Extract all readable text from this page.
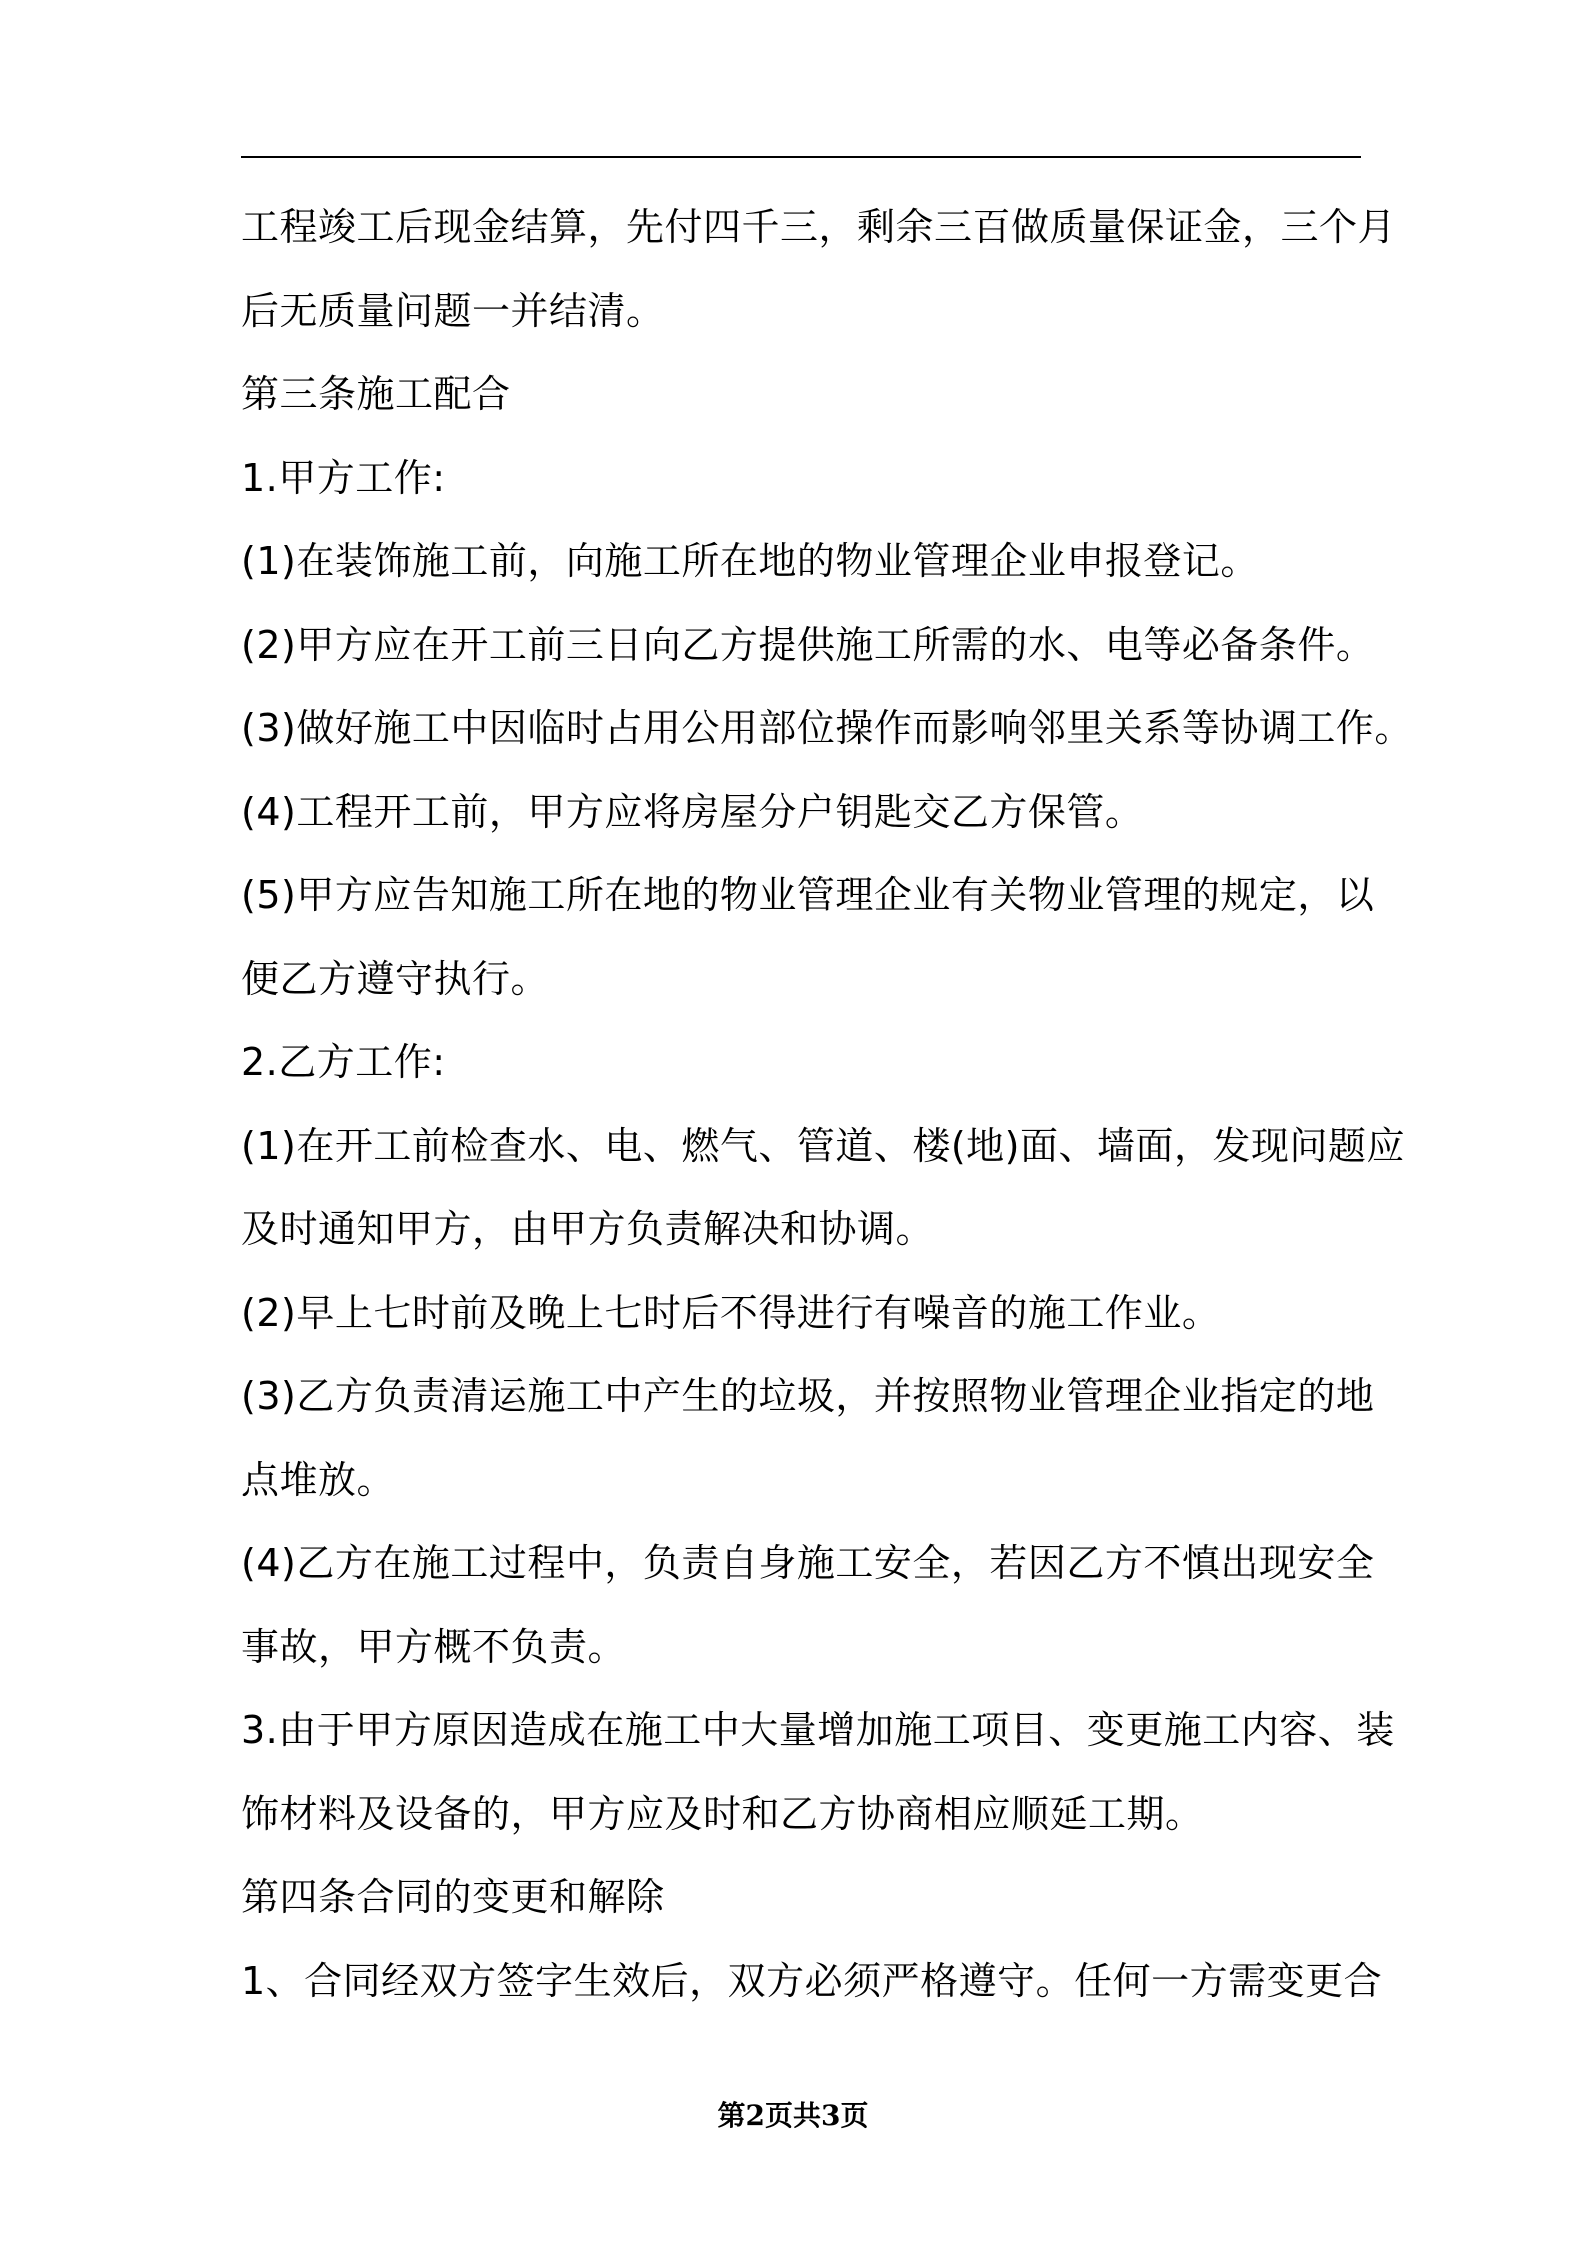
工程竣工后现金结算，先付四千三，剩余三百做质量保证金，三个月
后无质量问题一并结清。
第三条施工配合
1.甲方工作:
(1)在装饰施工前，向施工所在地的物业管理企业申报登记。
(2)甲方应在开工前三日向乙方提供施工所需的水、电等必备条件。
(3)做好施工中因临时占用公用部位操作而影响邻里关系等协调工作。
(4)工程开工前，甲方应将房屋分户钥匙交乙方保管。
(5)甲方应告知施工所在地的物业管理企业有关物业管理的规定，以
便乙方遵守执行。
2.乙方工作:
(1)在开工前检查水、电、燃气、管道、楼(地)面、墙面，发现问题应
及时通知甲方，由甲方负责解决和协调。
(2)早上七时前及晚上七时后不得进行有噪音的施工作业。
(3)乙方负责清运施工中产生的垃圾，并按照物业管理企业指定的地
点堆放。
(4)乙方在施工过程中，负责自身施工安全，若因乙方不慎出现安全
事故，甲方概不负责。
3.由于甲方原因造成在施工中大量增加施工项目、变更施工内容、装
饰材料及设备的，甲方应及时和乙方协商相应顺延工期。
第四条合同的变更和解除
1、合同经双方签字生效后，双方必须严格遵守。任何一方需变更合
第2页共3页
